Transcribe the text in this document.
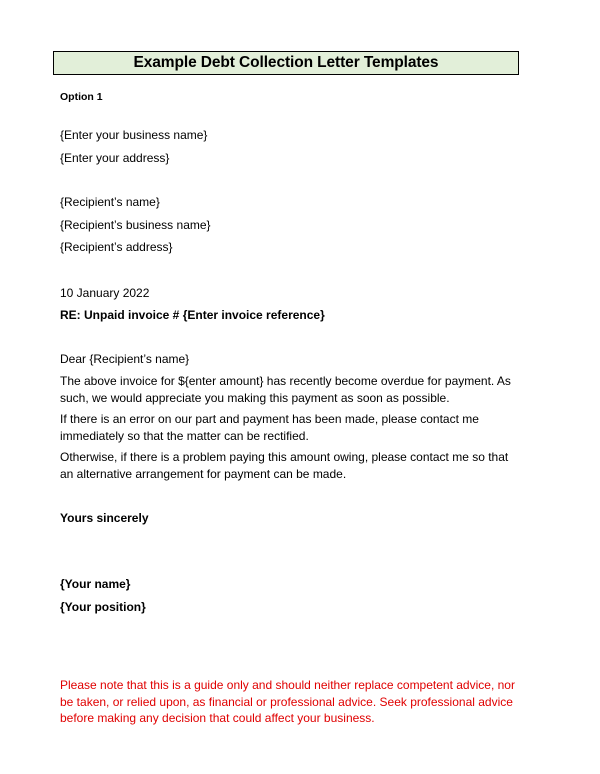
Example Debt Collection Letter Templates
Option 1
{Enter your business name}
{Enter your address}
{Recipient’s name}
{Recipient’s business name}
{Recipient’s address}
10 January 2022
RE: Unpaid invoice # {Enter invoice reference}
Dear {Recipient’s name}
The above invoice for ${enter amount} has recently become overdue for payment. As such, we would appreciate you making this payment as soon as possible.
If there is an error on our part and payment has been made, please contact me immediately so that the matter can be rectified.
Otherwise, if there is a problem paying this amount owing, please contact me so that an alternative arrangement for payment can be made.
Yours sincerely
{Your name}
{Your position}
Please note that this is a guide only and should neither replace competent advice, nor be taken, or relied upon, as financial or professional advice. Seek professional advice before making any decision that could affect your business.
